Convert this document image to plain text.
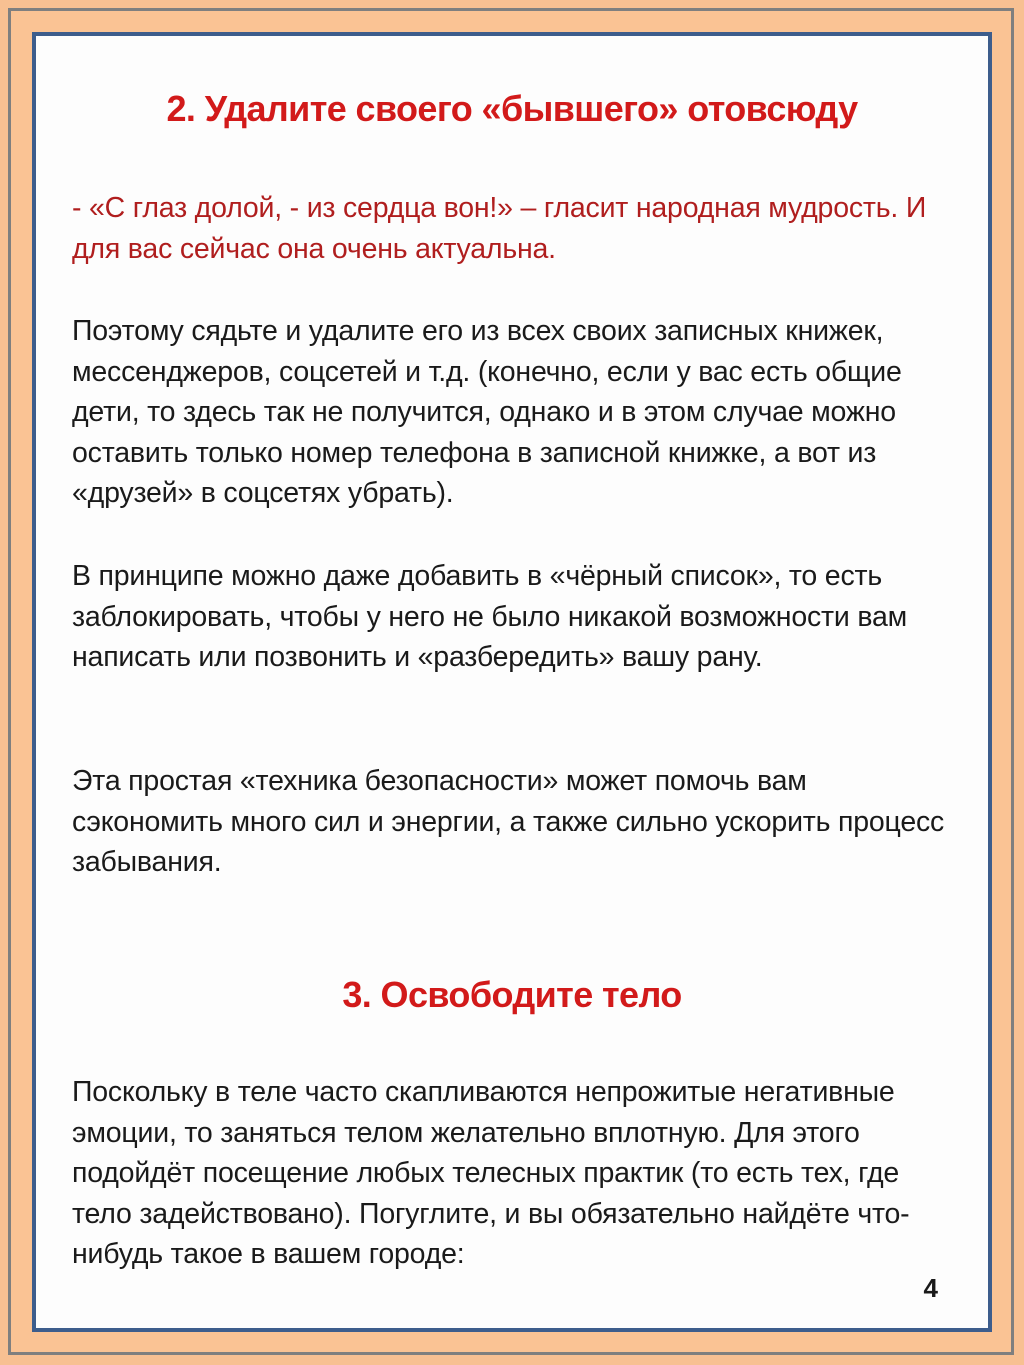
2. Удалите своего «бывшего» отовсюду

- «С глаз долой, - из сердца вон!» – гласит народная мудрость. И для вас сейчас она очень актуальна.

Поэтому сядьте и удалите его из всех своих записных книжек, мессенджеров, соцсетей и т.д. (конечно, если у вас есть общие дети, то здесь так не получится, однако и в этом случае можно оставить только номер телефона в записной книжке, а вот из «друзей» в соцсетях убрать).

В принципе можно даже добавить в «чёрный список», то есть заблокировать, чтобы у него не было никакой возможности вам написать или позвонить и «разбередить» вашу рану.

Эта простая «техника безопасности» может помочь вам сэкономить много сил и энергии, а также сильно ускорить процесс забывания.

3. Освободите тело

Поскольку в теле часто скапливаются непрожитые негативные эмоции, то заняться телом желательно вплотную. Для этого подойдёт посещение любых телесных практик (то есть тех, где тело задействовано). Погуглите, и вы обязательно найдёте что-нибудь такое в вашем городе:

4
